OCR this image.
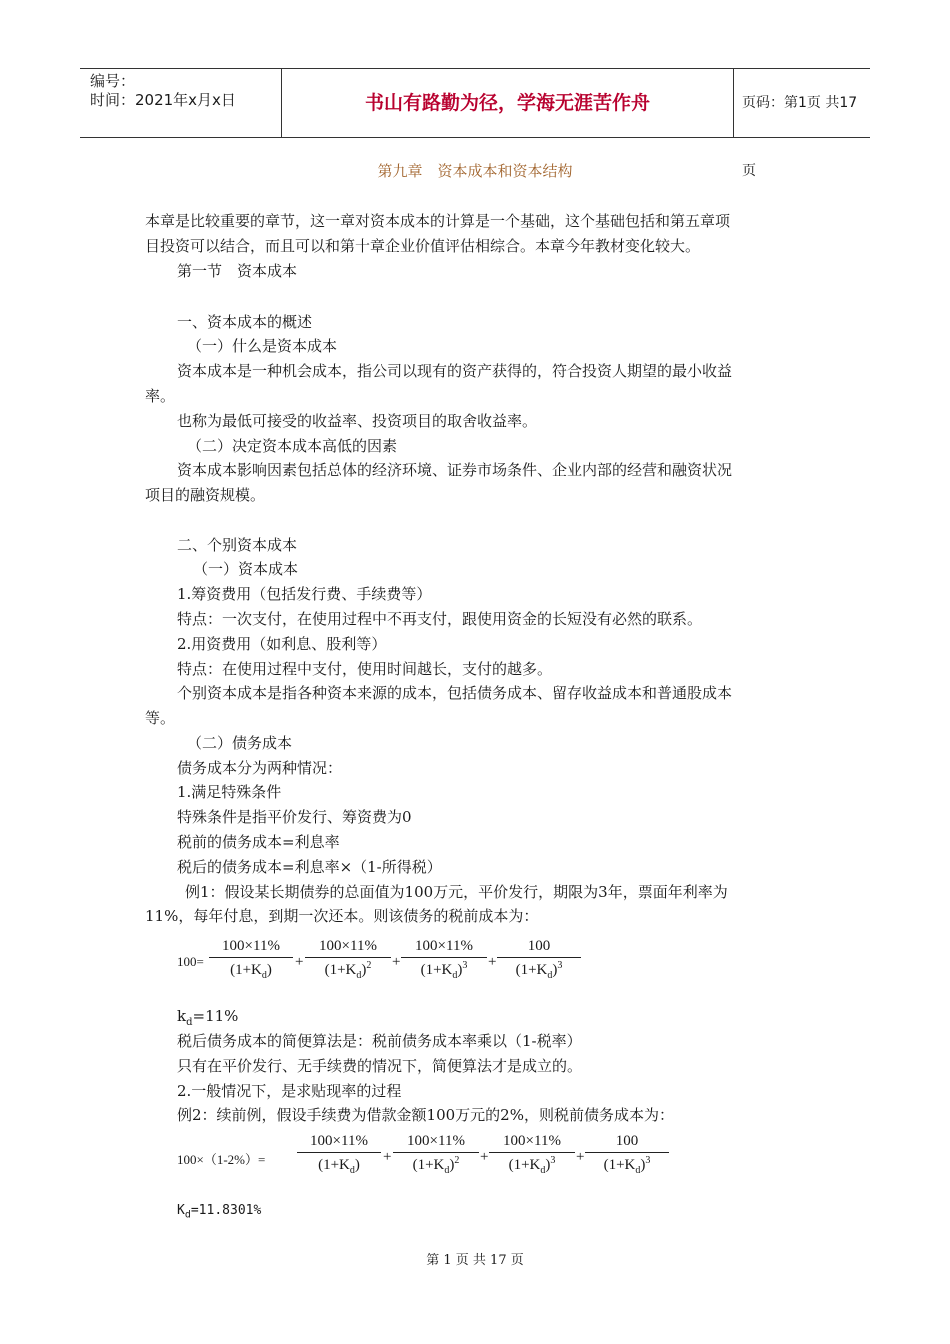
编号：
时间：2021年x月x日	书山有路勤为径，学海无涯苦作舟	页码：第1页 共17页
第九章　资本成本和资本结构
本章是比较重要的章节，这一章对资本成本的计算是一个基础，这个基础包括和第五章项
目投资可以结合，而且可以和第十章企业价值评估相综合。本章今年教材变化较大。
第一节　资本成本
一、资本成本的概述
（一）什么是资本成本
资本成本是一种机会成本，指公司以现有的资产获得的，符合投资人期望的最小收益
率。
也称为最低可接受的收益率、投资项目的取舍收益率。
（二）决定资本成本高低的因素
资本成本影响因素包括总体的经济环境、证券市场条件、企业内部的经营和融资状况
项目的融资规模。
二、个别资本成本
（一）资本成本
1.筹资费用（包括发行费、手续费等）
特点：一次支付，在使用过程中不再支付，跟使用资金的长短没有必然的联系。
2.用资费用（如利息、股利等）
特点：在使用过程中支付，使用时间越长，支付的越多。
个别资本成本是指各种资本来源的成本，包括债务成本、留存收益成本和普通股成本
等。
（二）债务成本
债务成本分为两种情况：
1.满足特殊条件
特殊条件是指平价发行、筹资费为0
税前的债务成本=利息率
税后的债务成本=利息率×（1-所得税）
例1：假设某长期债券的总面值为100万元，平价发行，期限为3年，票面年利率为
11%，每年付息，到期一次还本。则该债务的税前成本为：
$100= \frac{100\times 11\%}{(1+K_d)} + \frac{100\times 11\%}{(1+K_d)^2} + \frac{100\times 11\%}{(1+K_d)^3} + \frac{100}{(1+K_d)^3}$
$k_d=11\%$
税后债务成本的简便算法是：税前债务成本率乘以（1-税率）
只有在平价发行、无手续费的情况下，简便算法才是成立的。
2.一般情况下，是求贴现率的过程
例2：续前例，假设手续费为借款金额100万元的2%，则税前债务成本为：
$100\times(1-2\%)= \frac{100\times 11\%}{(1+K_d)} + \frac{100\times 11\%}{(1+K_d)^2} + \frac{100\times 11\%}{(1+K_d)^3} + \frac{100}{(1+K_d)^3}$
$K_d=11.8301\%$
第 1 页 共 17 页
